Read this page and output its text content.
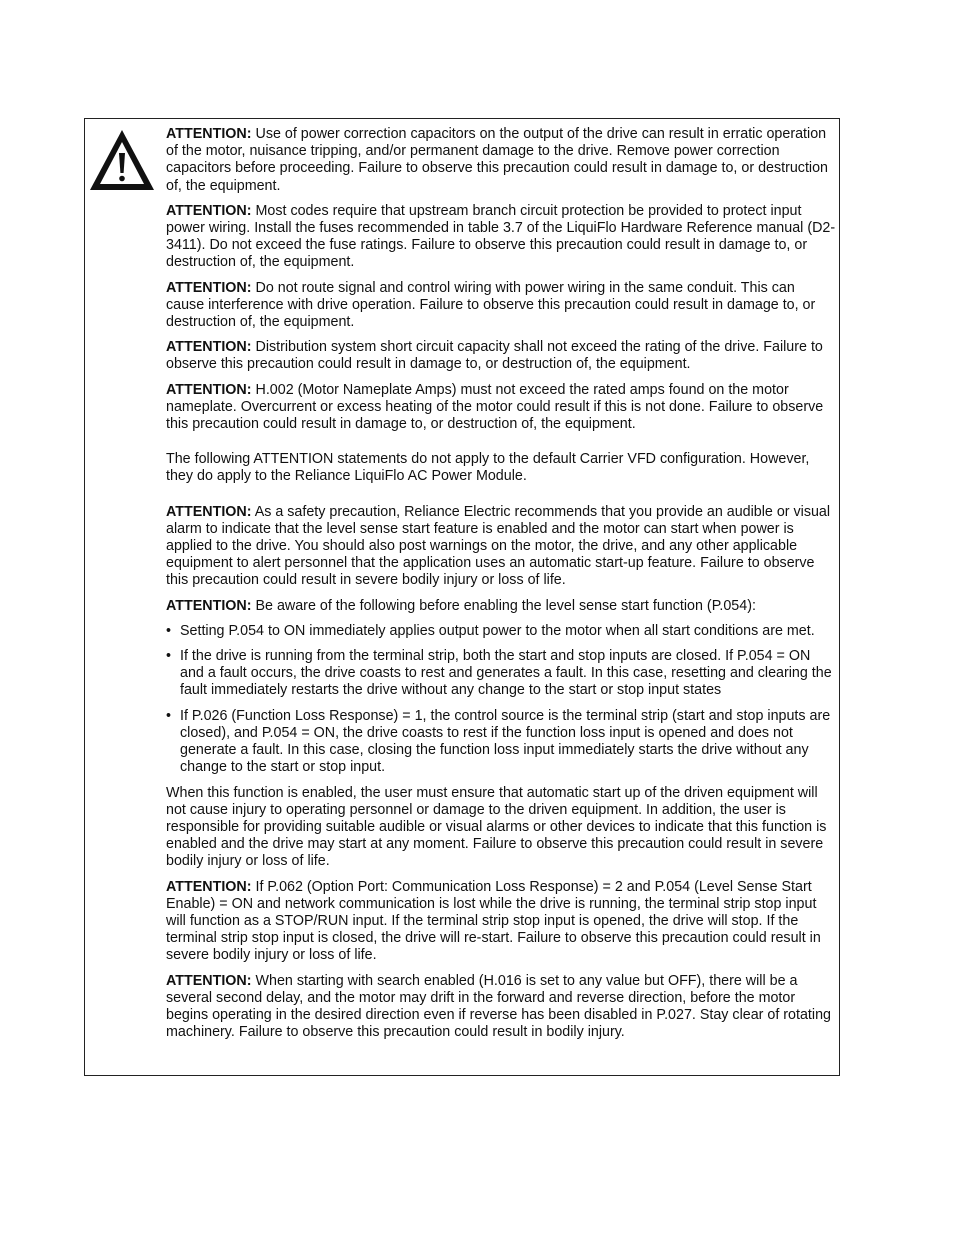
ATTENTION: Use of power correction capacitors on the output of the drive can result in erratic operation of the motor, nuisance tripping, and/or permanent damage to the drive. Remove power correction capacitors before proceeding. Failure to observe this precaution could result in damage to, or destruction of, the equipment.

ATTENTION: Most codes require that upstream branch circuit protection be provided to protect input power wiring. Install the fuses recommended in table 3.7 of the LiquiFlo Hardware Reference manual (D2-3411). Do not exceed the fuse ratings. Failure to observe this precaution could result in damage to, or destruction of, the equipment.

ATTENTION: Do not route signal and control wiring with power wiring in the same conduit. This can cause interference with drive operation. Failure to observe this precaution could result in damage to, or destruction of, the equipment.

ATTENTION: Distribution system short circuit capacity shall not exceed the rating of the drive. Failure to observe this precaution could result in damage to, or destruction of, the equipment.

ATTENTION: H.002 (Motor Nameplate Amps) must not exceed the rated amps found on the motor nameplate. Overcurrent or excess heating of the motor could result if this is not done. Failure to observe this precaution could result in damage to, or destruction of, the equipment.

The following ATTENTION statements do not apply to the default Carrier VFD configuration. However, they do apply to the Reliance LiquiFlo AC Power Module.

ATTENTION: As a safety precaution, Reliance Electric recommends that you provide an audible or visual alarm to indicate that the level sense start feature is enabled and the motor can start when power is applied to the drive. You should also post warnings on the motor, the drive, and any other applicable equipment to alert personnel that the application uses an automatic start-up feature. Failure to observe this precaution could result in severe bodily injury or loss of life.

ATTENTION: Be aware of the following before enabling the level sense start function (P.054):

• Setting P.054 to ON immediately applies output power to the motor when all start conditions are met.
• If the drive is running from the terminal strip, both the start and stop inputs are closed. If P.054 = ON and a fault occurs, the drive coasts to rest and generates a fault. In this case, resetting and clearing the fault immediately restarts the drive without any change to the start or stop input states
• If P.026 (Function Loss Response) = 1, the control source is the terminal strip (start and stop inputs are closed), and P.054 = ON, the drive coasts to rest if the function loss input is opened and does not generate a fault. In this case, closing the function loss input immediately starts the drive without any change to the start or stop input.

When this function is enabled, the user must ensure that automatic start up of the driven equipment will not cause injury to operating personnel or damage to the driven equipment. In addition, the user is responsible for providing suitable audible or visual alarms or other devices to indicate that this function is enabled and the drive may start at any moment. Failure to observe this precaution could result in severe bodily injury or loss of life.

ATTENTION: If P.062 (Option Port: Communication Loss Response) = 2 and P.054 (Level Sense Start Enable) = ON and network communication is lost while the drive is running, the terminal strip stop input will function as a STOP/RUN input. If the terminal strip stop input is opened, the drive will stop. If the terminal strip stop input is closed, the drive will re-start. Failure to observe this precaution could result in severe bodily injury or loss of life.

ATTENTION: When starting with search enabled (H.016 is set to any value but OFF), there will be a several second delay, and the motor may drift in the forward and reverse direction, before the motor begins operating in the desired direction even if reverse has been disabled in P.027. Stay clear of rotating machinery. Failure to observe this precaution could result in bodily injury.
